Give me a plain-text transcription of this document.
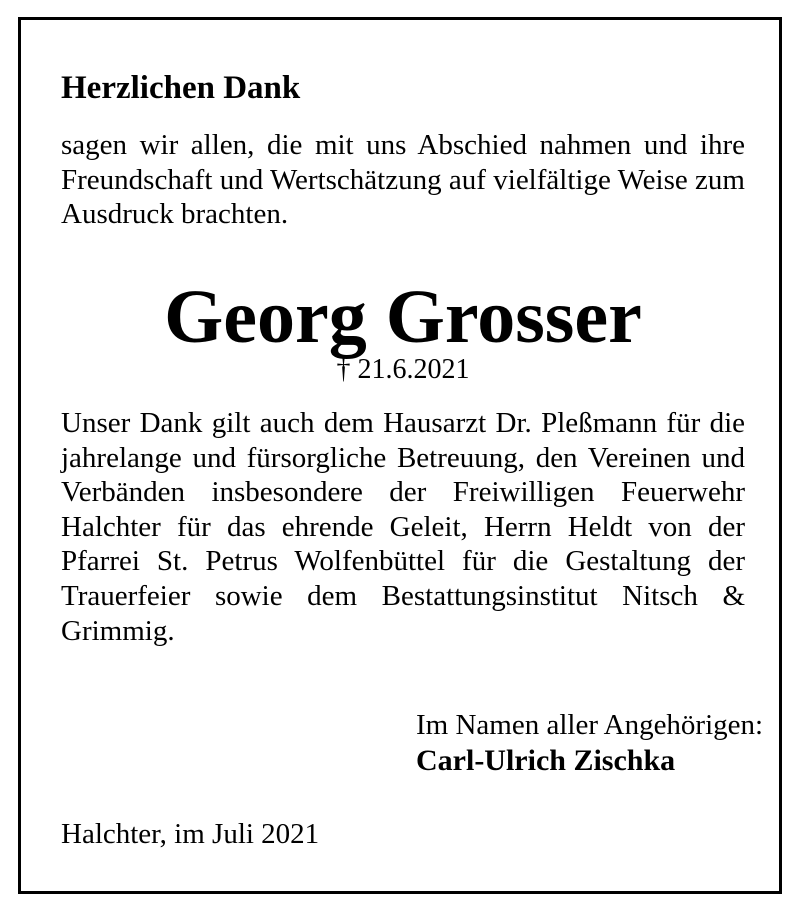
Herzlichen Dank
sagen wir allen, die mit uns Abschied nahmen und ihre Freundschaft und Wertschätzung auf vielfältige Weise zum Ausdruck brachten.
Georg Grosser
† 21.6.2021
Unser Dank gilt auch dem Hausarzt Dr. Pleßmann für die jahrelange und fürsorgliche Betreuung, den Vereinen und Verbänden insbesondere der Freiwilligen Feuerwehr Halchter für das ehrende Geleit, Herrn Heldt von der Pfarrei St. Petrus Wolfenbüttel für die Gestaltung der Trauerfeier sowie dem Bestattungsinstitut Nitsch & Grimmig.
Im Namen aller Angehörigen:
Carl-Ulrich Zischka
Halchter, im Juli 2021
